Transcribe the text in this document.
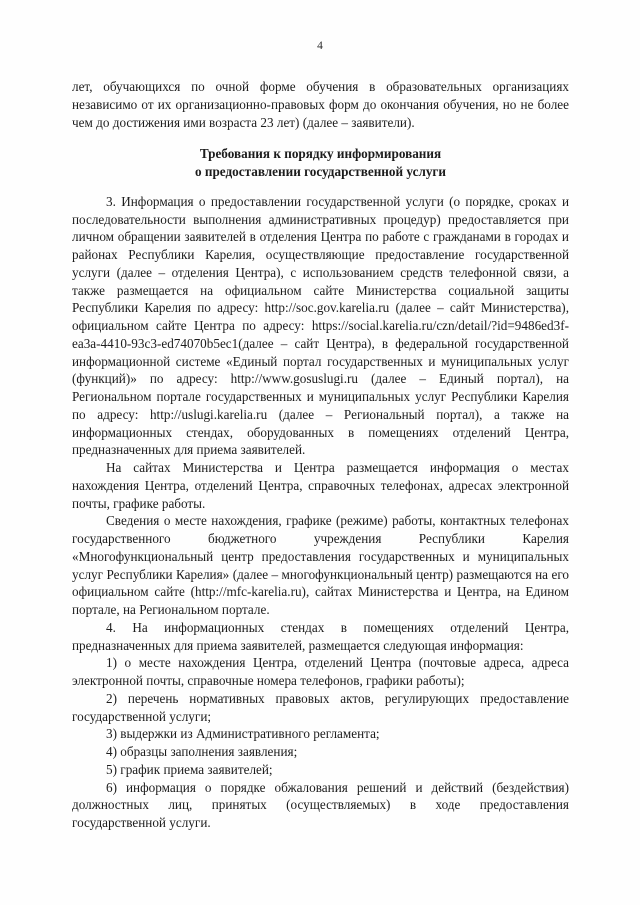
4

лет, обучающихся по очной форме обучения в образовательных организациях независимо от их организационно-правовых форм до окончания обучения, но не более чем до достижения ими возраста 23 лет) (далее – заявители).

Требования к порядку информирования

о предоставлении государственной услуги

3. Информация о предоставлении государственной услуги (о порядке, сроках и последовательности выполнения административных процедур) предоставляется при личном обращении заявителей в отделения Центра по работе с гражданами в городах и районах Республики Карелия, осуществляющие предоставление государственной услуги (далее – отделения Центра), с использованием средств телефонной связи, а также размещается на официальном сайте Министерства социальной защиты Республики Карелия по адресу: http://soc.gov.karelia.ru (далее – сайт Министерства), официальном сайте Центра по адресу: https://social.karelia.ru/czn/detail/?id=9486ed3f-ea3a-4410-93c3-ed74070b5ec1(далее – сайт Центра), в федеральной государственной информационной системе «Единый портал государственных и муниципальных услуг (функций)» по адресу: http://www.gosuslugi.ru (далее – Единый портал), на Региональном портале государственных и муниципальных услуг Республики Карелия по адресу: http://uslugi.karelia.ru (далее – Региональный портал), а также на информационных стендах, оборудованных в помещениях отделений Центра, предназначенных для приема заявителей.

На сайтах Министерства и Центра размещается информация о местах нахождения Центра, отделений Центра, справочных телефонах, адресах электронной почты, графике работы.

Сведения о месте нахождения, графике (режиме) работы, контактных телефонах государственного бюджетного учреждения Республики Карелия «Многофункциональный центр предоставления государственных и муниципальных услуг Республики Карелия» (далее – многофункциональный центр) размещаются на его официальном сайте (http://mfc-karelia.ru), сайтах Министерства и Центра, на Едином портале, на Региональном портале.

4. На информационных стендах в помещениях отделений Центра, предназначенных для приема заявителей, размещается следующая информация:

1) о месте нахождения Центра, отделений Центра (почтовые адреса, адреса электронной почты, справочные номера телефонов, графики работы);

2) перечень нормативных правовых актов, регулирующих предоставление государственной услуги;

3) выдержки из Административного регламента;

4) образцы заполнения заявления;

5) график приема заявителей;

6) информация о порядке обжалования решений и действий (бездействия) должностных лиц, принятых (осуществляемых) в ходе предоставления государственной услуги.
